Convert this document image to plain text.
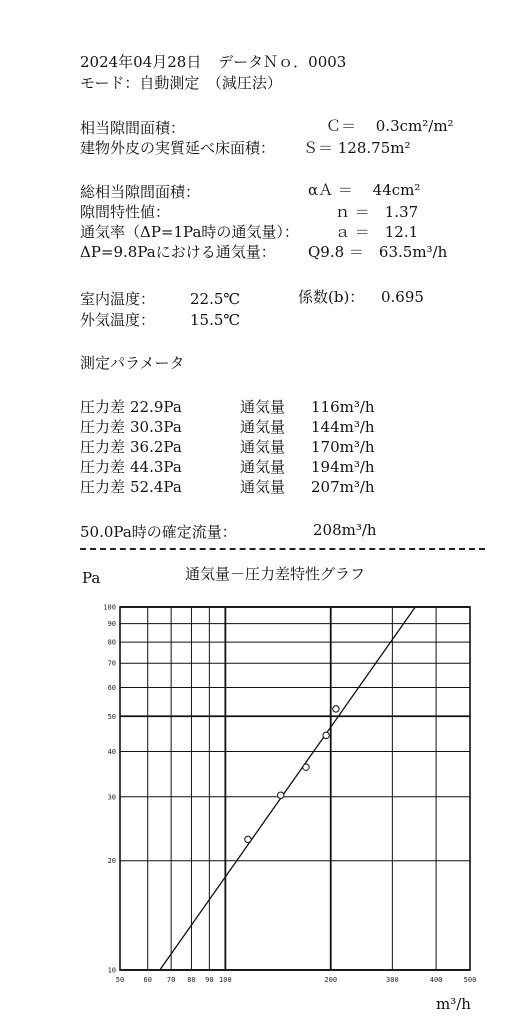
2024年04月28日 データＮｏ．0003
モード：自動測定　（減圧法）
相当隙間面積：	Ｃ＝　 0.3cm²/m²
建物外皮の実質延べ床面積： Ｓ＝ 128.75m²
総相当隙間面積：	αＡ ＝　 44cm²
隙間特性値：	ｎ ＝　1.37
通気率（ΔP=1Pa時の通気量）： ａ ＝　12.1
ΔP=9.8Paにおける通気量： Q9.8 ＝　63.5m³/h
室内温度： 22.5℃	係数(b)： 0.695
外気温度： 15.5℃
測定パラメータ
圧力差 22.9Pa	通気量 116m³/h
圧力差 30.3Pa	通気量 144m³/h
圧力差 36.2Pa	通気量 170m³/h
圧力差 44.3Pa	通気量 194m³/h
圧力差 52.4Pa	通気量 207m³/h
50.0Pa時の確定流量：	208m³/h
Pa	通気量－圧力差特性グラフ
m³/h
50	60 70 80 90 100	200	300	400	500
100
90
80
70
60
50
40
30
20
10
